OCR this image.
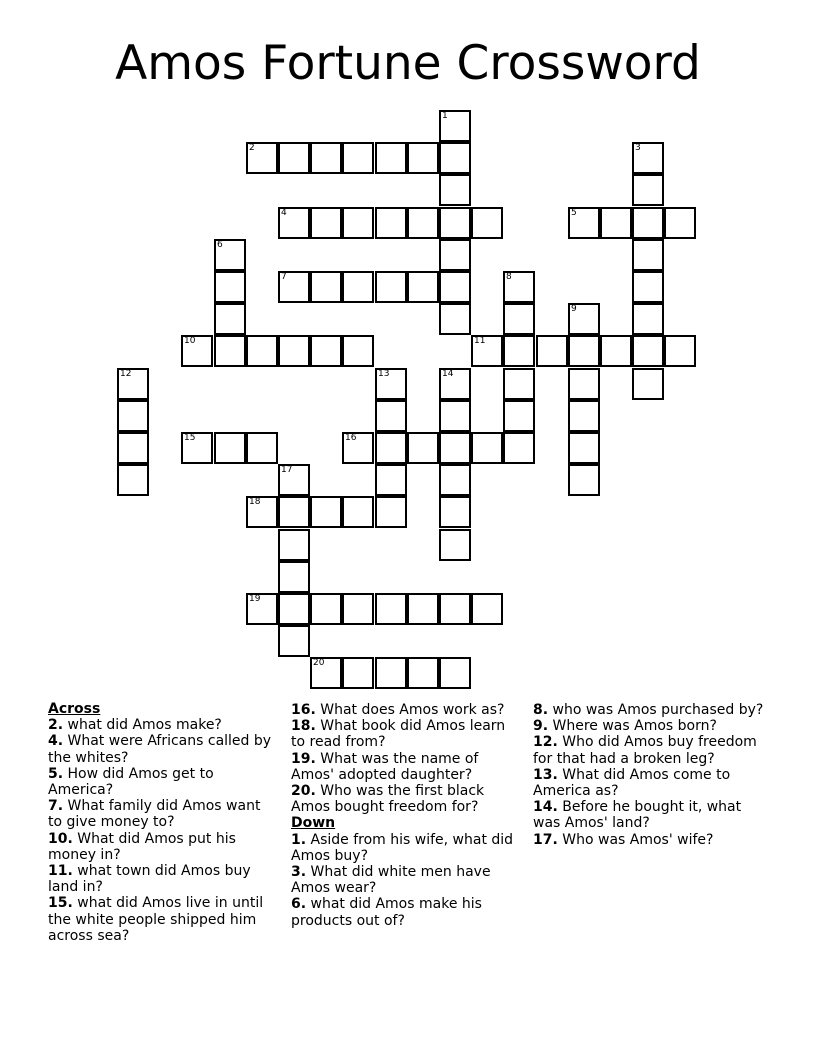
Amos Fortune Crossword
1
2	3
4	5
6
7	8
9
10	11
12	13	14
15	16
17
18
19
20
Across
2. what did Amos make?
4. What were Africans called by the whites?
5. How did Amos get to America?
7. What family did Amos want to give money to?
10. What did Amos put his money in?
11. what town did Amos buy land in?
15. what did Amos live in until the white people shipped him across sea?
16. What does Amos work as?
18. What book did Amos learn to read from?
19. What was the name of Amos' adopted daughter?
20. Who was the first black Amos bought freedom for?
Down
1. Aside from his wife, what did Amos buy?
3. What did white men have Amos wear?
6. what did Amos make his products out of?
8. who was Amos purchased by?
9. Where was Amos born?
12. Who did Amos buy freedom for that had a broken leg?
13. What did Amos come to America as?
14. Before he bought it, what was Amos' land?
17. Who was Amos' wife?
